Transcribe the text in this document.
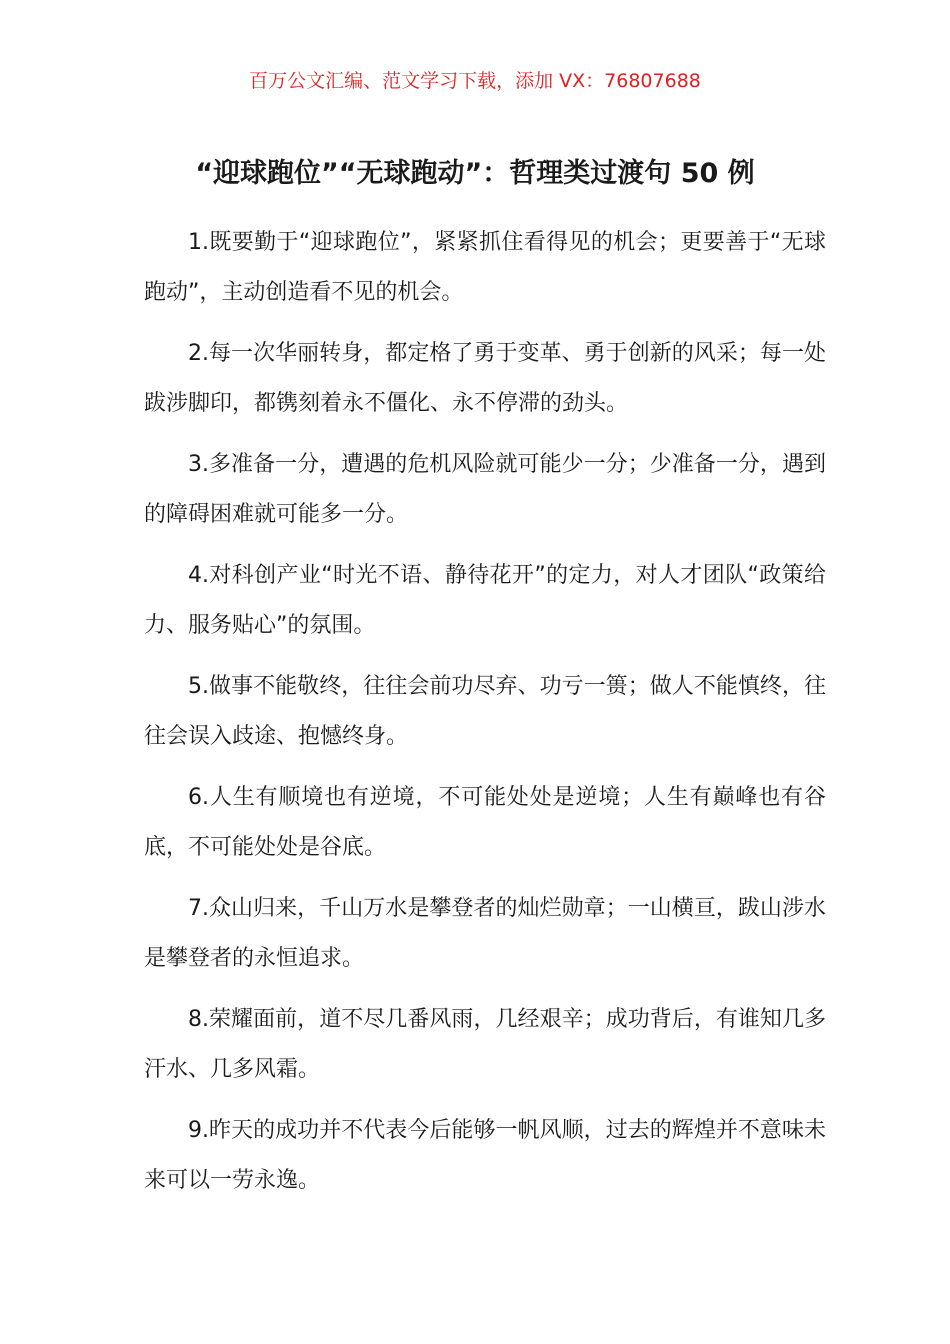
百万公文汇编、范文学习下载，添加 VX：76807688
“迎球跑位”“无球跑动”：哲理类过渡句 50 例

1.既要勤于“迎球跑位”，紧紧抓住看得见的机会；更要善于“无球跑动”，主动创造看不见的机会。

2.每一次华丽转身，都定格了勇于变革、勇于创新的风采；每一处跋涉脚印，都镌刻着永不僵化、永不停滞的劲头。

3.多准备一分，遭遇的危机风险就可能少一分；少准备一分，遇到的障碍困难就可能多一分。

4.对科创产业“时光不语、静待花开”的定力，对人才团队“政策给力、服务贴心”的氛围。

5.做事不能敬终，往往会前功尽弃、功亏一篑；做人不能慎终，往往会误入歧途、抱憾终身。

6.人生有顺境也有逆境，不可能处处是逆境；人生有巅峰也有谷底，不可能处处是谷底。

7.众山归来，千山万水是攀登者的灿烂勋章；一山横亘，跋山涉水是攀登者的永恒追求。

8.荣耀面前，道不尽几番风雨，几经艰辛；成功背后，有谁知几多汗水、几多风霜。

9.昨天的成功并不代表今后能够一帆风顺，过去的辉煌并不意味未来可以一劳永逸。
